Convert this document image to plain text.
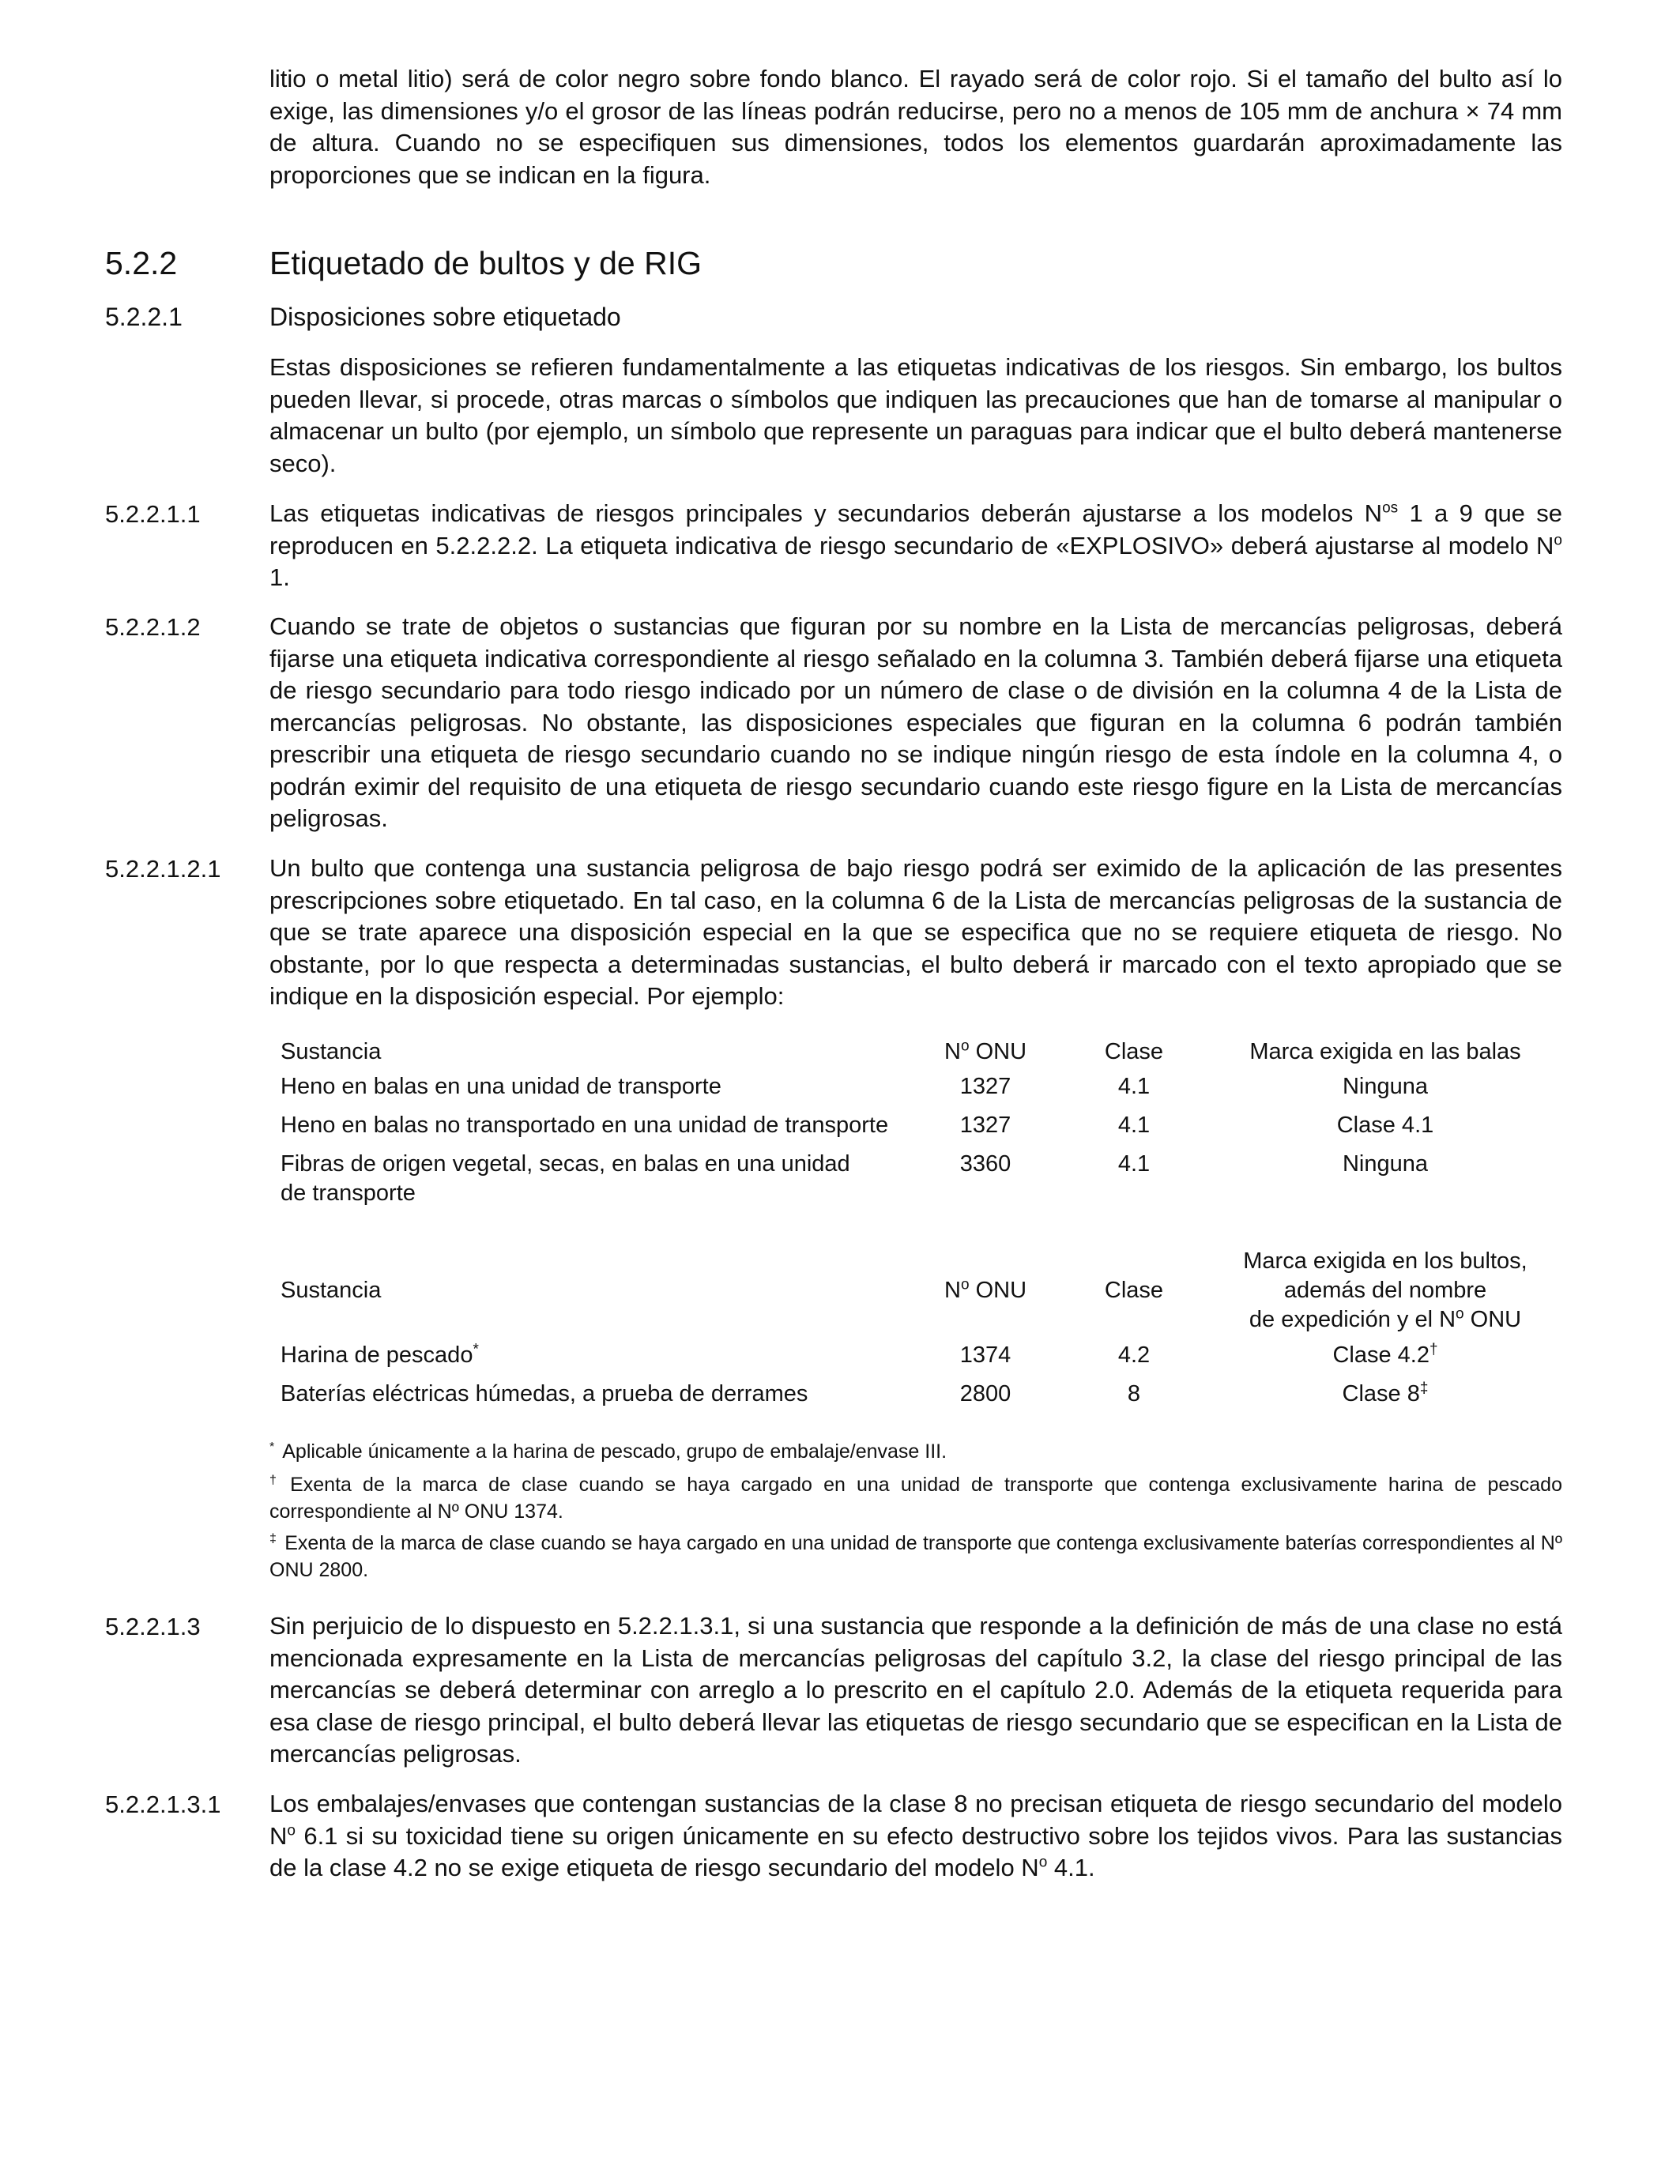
litio o metal litio) será de color negro sobre fondo blanco. El rayado será de color rojo. Si el tamaño del bulto así lo exige, las dimensiones y/o el grosor de las líneas podrán reducirse, pero no a menos de 105 mm de anchura × 74 mm de altura. Cuando no se especifiquen sus dimensiones, todos los elementos guardarán aproximadamente las proporciones que se indican en la figura.

5.2.2	Etiquetado de bultos y de RIG
5.2.2.1	Disposiciones sobre etiquetado

Estas disposiciones se refieren fundamentalmente a las etiquetas indicativas de los riesgos. Sin embargo, los bultos pueden llevar, si procede, otras marcas o símbolos que indiquen las precauciones que han de tomarse al manipular o almacenar un bulto (por ejemplo, un símbolo que represente un paraguas para indicar que el bulto deberá mantenerse seco).

5.2.2.1.1	Las etiquetas indicativas de riesgos principales y secundarios deberán ajustarse a los modelos $N^{os}$ 1 a 9 que se reproducen en 5.2.2.2.2. La etiqueta indicativa de riesgo secundario de «EXPLOSIVO» deberá ajustarse al modelo $N^o$ 1.

5.2.2.1.2	Cuando se trate de objetos o sustancias que figuran por su nombre en la Lista de mercancías peligrosas, deberá fijarse una etiqueta indicativa correspondiente al riesgo señalado en la columna 3. También deberá fijarse una etiqueta de riesgo secundario para todo riesgo indicado por un número de clase o de división en la columna 4 de la Lista de mercancías peligrosas. No obstante, las disposiciones especiales que figuran en la columna 6 podrán también prescribir una etiqueta de riesgo secundario cuando no se indique ningún riesgo de esta índole en la columna 4, o podrán eximir del requisito de una etiqueta de riesgo secundario cuando este riesgo figure en la Lista de mercancías peligrosas.

5.2.2.1.2.1 Un bulto que contenga una sustancia peligrosa de bajo riesgo podrá ser eximido de la aplicación de las presentes prescripciones sobre etiquetado. En tal caso, en la columna 6 de la Lista de mercancías peligrosas de la sustancia de que se trate aparece una disposición especial en la que se especifica que no se requiere etiqueta de riesgo. No obstante, por lo que respecta a determinadas sustancias, el bulto deberá ir marcado con el texto apropiado que se indique en la disposición especial. Por ejemplo:

Sustancia	$N^o$ ONU	Clase	Marca exigida en las balas
Heno en balas en una unidad de transporte	1327	4.1	Ninguna
Heno en balas no transportado en una unidad de transporte	1327	4.1	Clase 4.1
Fibras de origen vegetal, secas, en balas en una unidad
de transporte	3360	4.1	Ninguna
Sustancia	$N^o$ ONU	Clase	Marca exigida en los bultos,
además del nombre
de expedición y el $N^o$ ONU
Harina de pescado*	1374	4.2	Clase 4.2†
Baterías eléctricas húmedas, a prueba de derrames	2800	8	Clase 8‡

* Aplicable únicamente a la harina de pescado, grupo de embalaje/envase III.

† Exenta de la marca de clase cuando se haya cargado en una unidad de transporte que contenga exclusivamente harina de pescado correspondiente al Nº ONU 1374.

‡ Exenta de la marca de clase cuando se haya cargado en una unidad de transporte que contenga exclusivamente baterías correspondientes al Nº ONU 2800.

5.2.2.1.3	Sin perjuicio de lo dispuesto en 5.2.2.1.3.1, si una sustancia que responde a la definición de más de una clase no está mencionada expresamente en la Lista de mercancías peligrosas del capítulo 3.2, la clase del riesgo principal de las mercancías se deberá determinar con arreglo a lo prescrito en el capítulo 2.0. Además de la etiqueta requerida para esa clase de riesgo principal, el bulto deberá llevar las etiquetas de riesgo secundario que se especifican en la Lista de mercancías peligrosas.

5.2.2.1.3.1 Los embalajes/envases que contengan sustancias de la clase 8 no precisan etiqueta de riesgo secundario del modelo $N^o$ 6.1 si su toxicidad tiene su origen únicamente en su efecto destructivo sobre los tejidos vivos. Para las sustancias de la clase 4.2 no se exige etiqueta de riesgo secundario del modelo $N^o$ 4.1.
